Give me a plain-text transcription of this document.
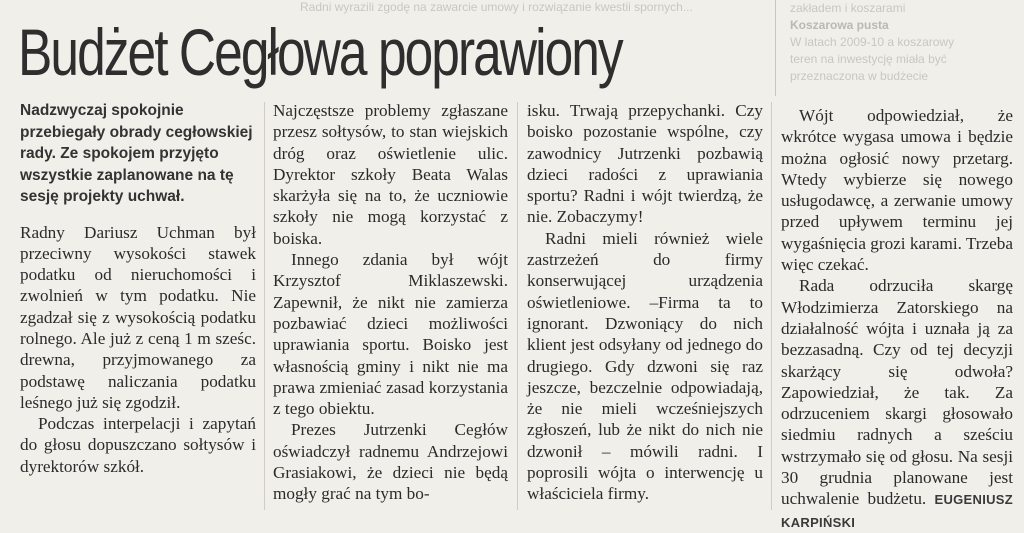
Radni wyrazili zgodę na zawarcie umowy i rozwiązanie kwestii spornych...	zakładem i koszarami
Koszarowa pusta
W latach 2009-10 a koszarowy
teren na inwestycję miała być
przeznaczona w budżecie
Budżet Cegłowa poprawiony

Nadzwyczaj spokojnie przebiegały obrady cegłowskiej rady. Ze spokojem przyjęto wszystkie zaplanowane na tę sesję projekty uchwał.

Radny Dariusz Uchman był przeciwny wysokości stawek podatku od nieruchomości i zwolnień w tym podatku. Nie zgadzał się z wysokością podatku rolnego. Ale już z ceną 1 m sześc. drewna, przyjmowanego za podstawę naliczania podatku leśnego już się zgodził.

Podczas interpelacji i zapytań do głosu dopuszczano sołtysów i dyrektorów szkół.

Najczęstsze problemy zgłaszane przesz sołtysów, to stan wiejskich dróg oraz oświetlenie ulic. Dyrektor szkoły Beata Walas skarżyła się na to, że uczniowie szkoły nie mogą korzystać z boiska.

Innego zdania był wójt Krzysztof Miklaszewski. Zapewnił, że nikt nie zamierza pozbawiać dzieci możliwości uprawiania sportu. Boisko jest własnością gminy i nikt nie ma prawa zmieniać zasad korzystania z tego obiektu.

Prezes Jutrzenki Cegłów oświadczył radnemu Andrzejowi Grasiakowi, że dzieci nie będą mogły grać na tym bo-

isku. Trwają przepychanki. Czy boisko pozostanie wspólne, czy zawodnicy Jutrzenki pozbawią dzieci radości z uprawiania sportu? Radni i wójt twierdzą, że nie. Zobaczymy!

Radni mieli również wiele zastrzeżeń do firmy konserwującej urządzenia oświetleniowe. –Firma ta to ignorant. Dzwoniący do nich klient jest odsyłany od jednego do drugiego. Gdy dzwoni się raz jeszcze, bezczelnie odpowiadają, że nie mieli wcześniejszych zgłoszeń, lub że nikt do nich nie dzwonił – mówili radni. I poprosili wójta o interwencję u właściciela firmy.

Wójt odpowiedział, że wkrótce wygasa umowa i będzie można ogłosić nowy przetarg. Wtedy wybierze się nowego usługodawcę, a zerwanie umowy przed upływem terminu jej wygaśnięcia grozi karami. Trzeba więc czekać.

Rada odrzuciła skargę Włodzimierza Zatorskiego na działalność wójta i uznała ją za bezzasadną. Czy od tej decyzji skarżący się odwoła? Zapowiedział, że tak. Za odrzuceniem skargi głosowało siedmiu radnych a sześciu wstrzymało się od głosu. Na sesji 30 grudnia planowane jest uchwalenie budżetu. EUGENIUSZ KARPIŃSKI
